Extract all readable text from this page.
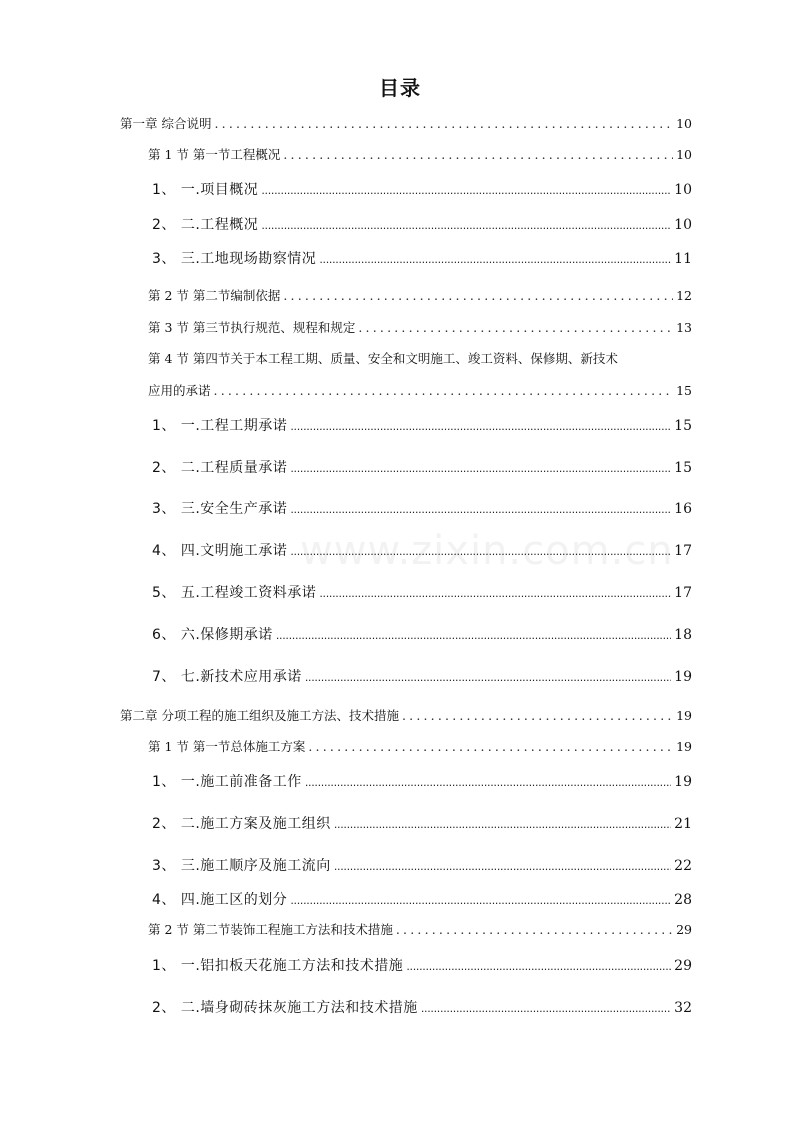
目录
www.zixin.com.cn
第一章 综合说明 .....	10
第 1 节 第一节工程概况 .....	10
1、 一.项目概况 .....	10
2、 二.工程概况 .....	10
3、 三.工地现场勘察情况 .....	11
第 2 节 第二节编制依据 .....	12
第 3 节 第三节执行规范、规程和规定 .....	13
第 4 节 第四节关于本工程工期、质量、安全和文明施工、竣工资料、保修期、新技术
应用的承诺 .....	15
1、 一.工程工期承诺 .....	15
2、 二.工程质量承诺 .....	15
3、 三.安全生产承诺 .....	16
4、 四.文明施工承诺 .....	17
5、 五.工程竣工资料承诺 .....	17
6、 六.保修期承诺 .....	18
7、 七.新技术应用承诺 .....	19
第二章 分项工程的施工组织及施工方法、技术措施 .....	19
第 1 节 第一节总体施工方案 .....	19
1、 一.施工前准备工作 .....	19
2、 二.施工方案及施工组织 .....	21
3、 三.施工顺序及施工流向 .....	22
4、 四.施工区的划分 .....	28
第 2 节 第二节装饰工程施工方法和技术措施 .....	29
1、 一.铝扣板天花施工方法和技术措施 .....	29
2、 二.墙身砌砖抹灰施工方法和技术措施 .....	32
